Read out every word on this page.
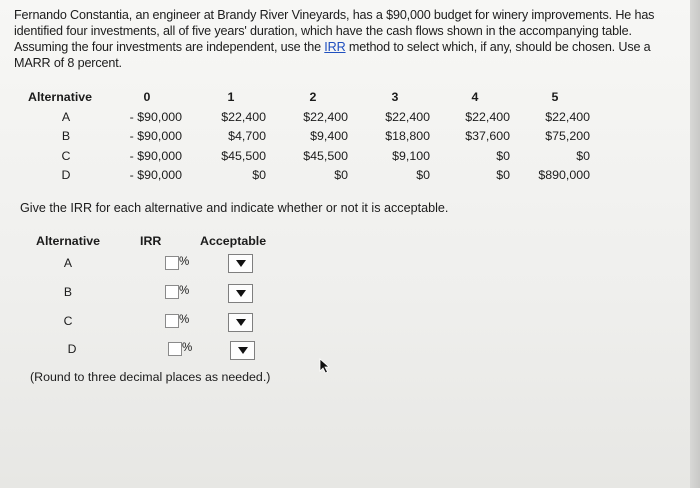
Fernando Constantia, an engineer at Brandy River Vineyards, has a $90,000 budget for winery improvements. He has identified four investments, all of five years' duration, which have the cash flows shown in the accompanying table. Assuming the four investments are independent, use the IRR method to select which, if any, should be chosen. Use a MARR of 8 percent.
Alternative	0	1	2	3	4	5
A	- $90,000	$22,400	$22,400	$22,400	$22,400	$22,400
B	- $90,000	$4,700	$9,400	$18,800	$37,600	$75,200
C	- $90,000	$45,500	$45,500	$9,100	$0	$0
D	- $90,000	$0	$0	$0	$0	$890,000
Give the IRR for each alternative and indicate whether or not it is acceptable.
Alternative	IRR	Acceptable
A	%
B	%
C	%
D	%
(Round to three decimal places as needed.)
